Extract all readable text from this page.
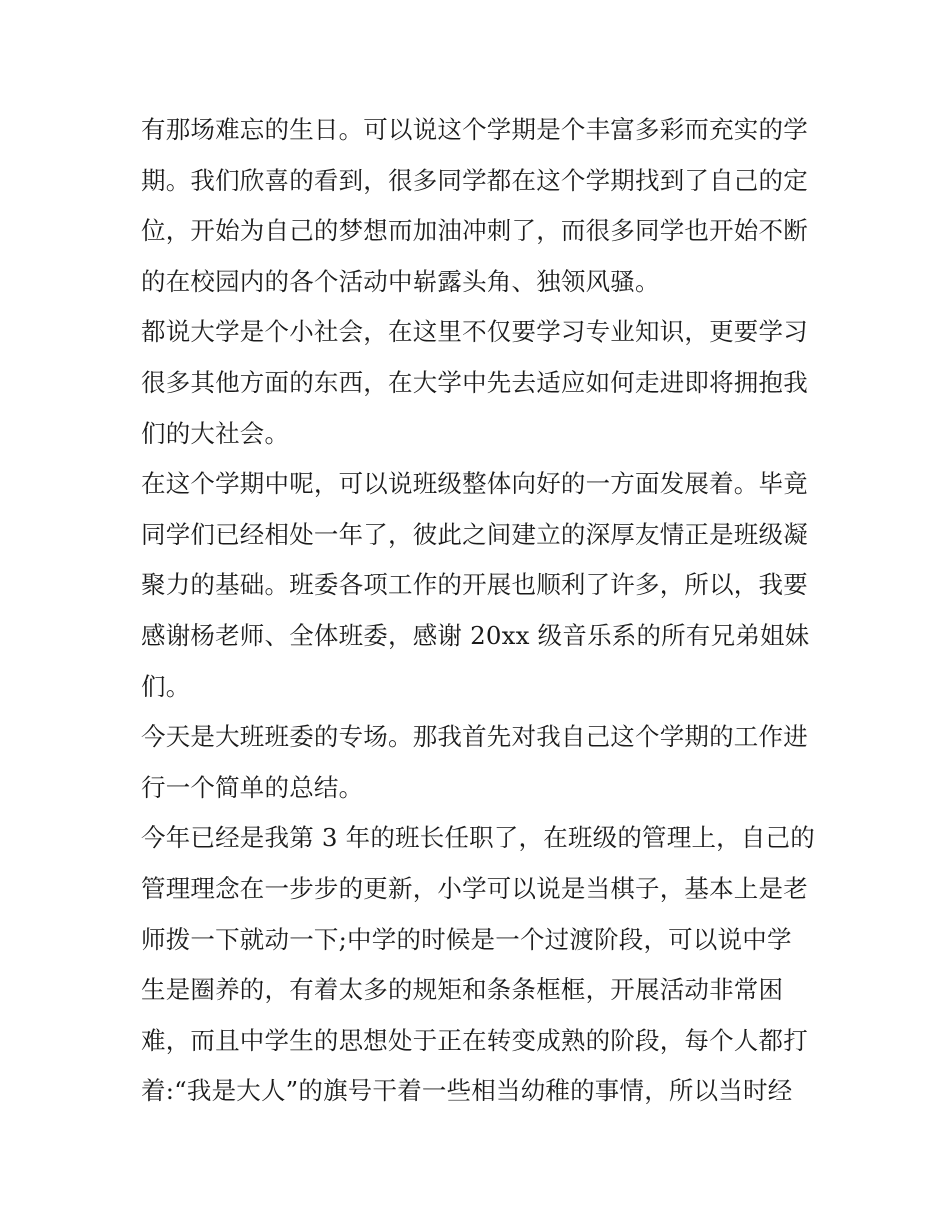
有那场难忘的生日。可以说这个学期是个丰富多彩而充实的学
期。我们欣喜的看到，很多同学都在这个学期找到了自己的定
位，开始为自己的梦想而加油冲刺了，而很多同学也开始不断
的在校园内的各个活动中崭露头角、独领风骚。
都说大学是个小社会，在这里不仅要学习专业知识，更要学习
很多其他方面的东西，在大学中先去适应如何走进即将拥抱我
们的大社会。
在这个学期中呢，可以说班级整体向好的一方面发展着。毕竟
同学们已经相处一年了，彼此之间建立的深厚友情正是班级凝
聚力的基础。班委各项工作的开展也顺利了许多，所以，我要
感谢杨老师、全体班委，感谢 20xx 级音乐系的所有兄弟姐妹
们。
今天是大班班委的专场。那我首先对我自己这个学期的工作进
行一个简单的总结。
今年已经是我第 3 年的班长任职了，在班级的管理上，自己的
管理理念在一步步的更新，小学可以说是当棋子，基本上是老
师拨一下就动一下;中学的时候是一个过渡阶段，可以说中学
生是圈养的，有着太多的规矩和条条框框，开展活动非常困
难，而且中学生的思想处于正在转变成熟的阶段，每个人都打
着:“我是大人”的旗号干着一些相当幼稚的事情，所以当时经
